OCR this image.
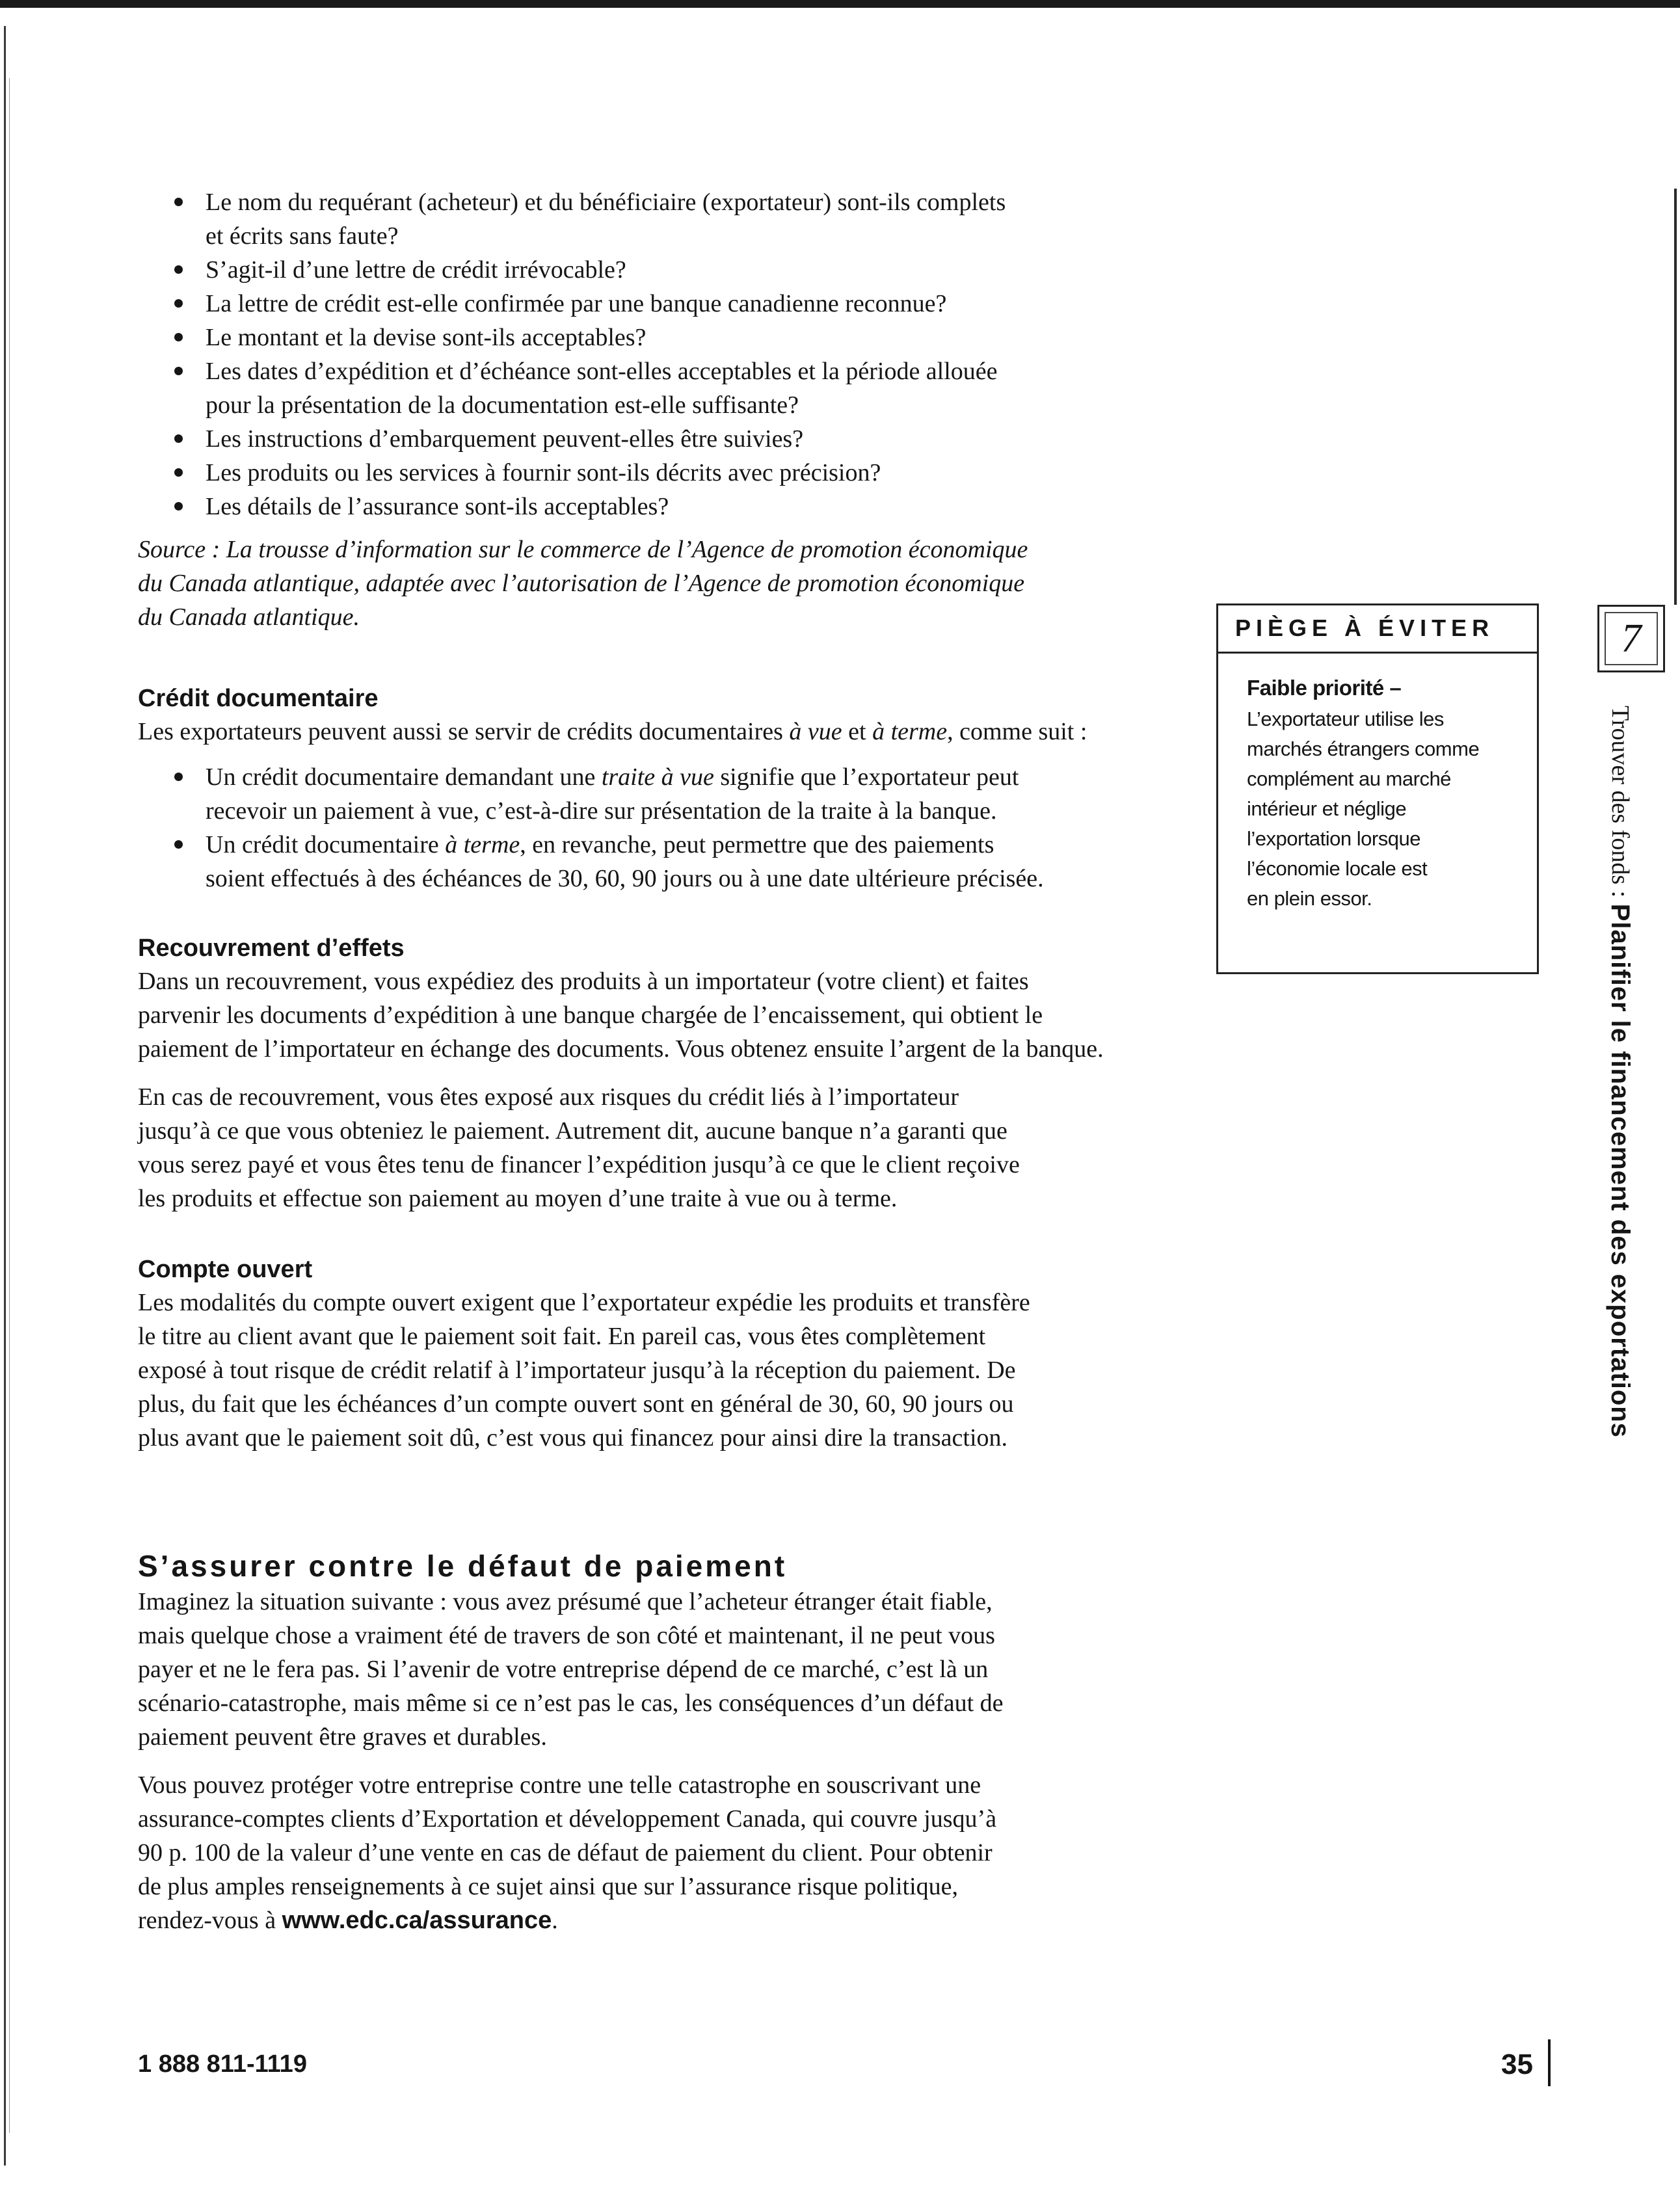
Le nom du requérant (acheteur) et du bénéficiaire (exportateur) sont-ils complets
et écrits sans faute?
S’agit-il d’une lettre de crédit irrévocable?
La lettre de crédit est-elle confirmée par une banque canadienne reconnue?
Le montant et la devise sont-ils acceptables?
Les dates d’expédition et d’échéance sont-elles acceptables et la période allouée
pour la présentation de la documentation est-elle suffisante?
Les instructions d’embarquement peuvent-elles être suivies?
Les produits ou les services à fournir sont-ils décrits avec précision?
Les détails de l’assurance sont-ils acceptables?

Source : La trousse d’information sur le commerce de l’Agence de promotion économique
du Canada atlantique, adaptée avec l’autorisation de l’Agence de promotion économique
du Canada atlantique.

Crédit documentaire

Les exportateurs peuvent aussi se servir de crédits documentaires à vue et à terme, comme suit :

Un crédit documentaire demandant une traite à vue signifie que l’exportateur peut
recevoir un paiement à vue, c’est-à-dire sur présentation de la traite à la banque.
Un crédit documentaire à terme, en revanche, peut permettre que des paiements
soient effectués à des échéances de 30, 60, 90 jours ou à une date ultérieure précisée.
Recouvrement d’effets

Dans un recouvrement, vous expédiez des produits à un importateur (votre client) et faites
parvenir les documents d’expédition à une banque chargée de l’encaissement, qui obtient le
paiement de l’importateur en échange des documents. Vous obtenez ensuite l’argent de la banque.

En cas de recouvrement, vous êtes exposé aux risques du crédit liés à l’importateur
jusqu’à ce que vous obteniez le paiement. Autrement dit, aucune banque n’a garanti que
vous serez payé et vous êtes tenu de financer l’expédition jusqu’à ce que le client reçoive
les produits et effectue son paiement au moyen d’une traite à vue ou à terme.

Compte ouvert

Les modalités du compte ouvert exigent que l’exportateur expédie les produits et transfère
le titre au client avant que le paiement soit fait. En pareil cas, vous êtes complètement
exposé à tout risque de crédit relatif à l’importateur jusqu’à la réception du paiement. De
plus, du fait que les échéances d’un compte ouvert sont en général de 30, 60, 90 jours ou
plus avant que le paiement soit dû, c’est vous qui financez pour ainsi dire la transaction.

S’assurer contre le défaut de paiement

Imaginez la situation suivante : vous avez présumé que l’acheteur étranger était fiable,
mais quelque chose a vraiment été de travers de son côté et maintenant, il ne peut vous
payer et ne le fera pas. Si l’avenir de votre entreprise dépend de ce marché, c’est là un
scénario-catastrophe, mais même si ce n’est pas le cas, les conséquences d’un défaut de
paiement peuvent être graves et durables.

Vous pouvez protéger votre entreprise contre une telle catastrophe en souscrivant une
assurance-comptes clients d’Exportation et développement Canada, qui couvre jusqu’à
90 p. 100 de la valeur d’une vente en cas de défaut de paiement du client. Pour obtenir
de plus amples renseignements à ce sujet ainsi que sur l’assurance risque politique,
rendez-vous à www.edc.ca/assurance.

PIÈGE À ÉVITER
Faible priorité –
L’exportateur utilise les
marchés étrangers comme
complément au marché
intérieur et néglige
l’exportation lorsque
l’économie locale est
en plein essor.
7
Trouver des fonds : Planifier le financement des exportations
1 888 811-1119	35
